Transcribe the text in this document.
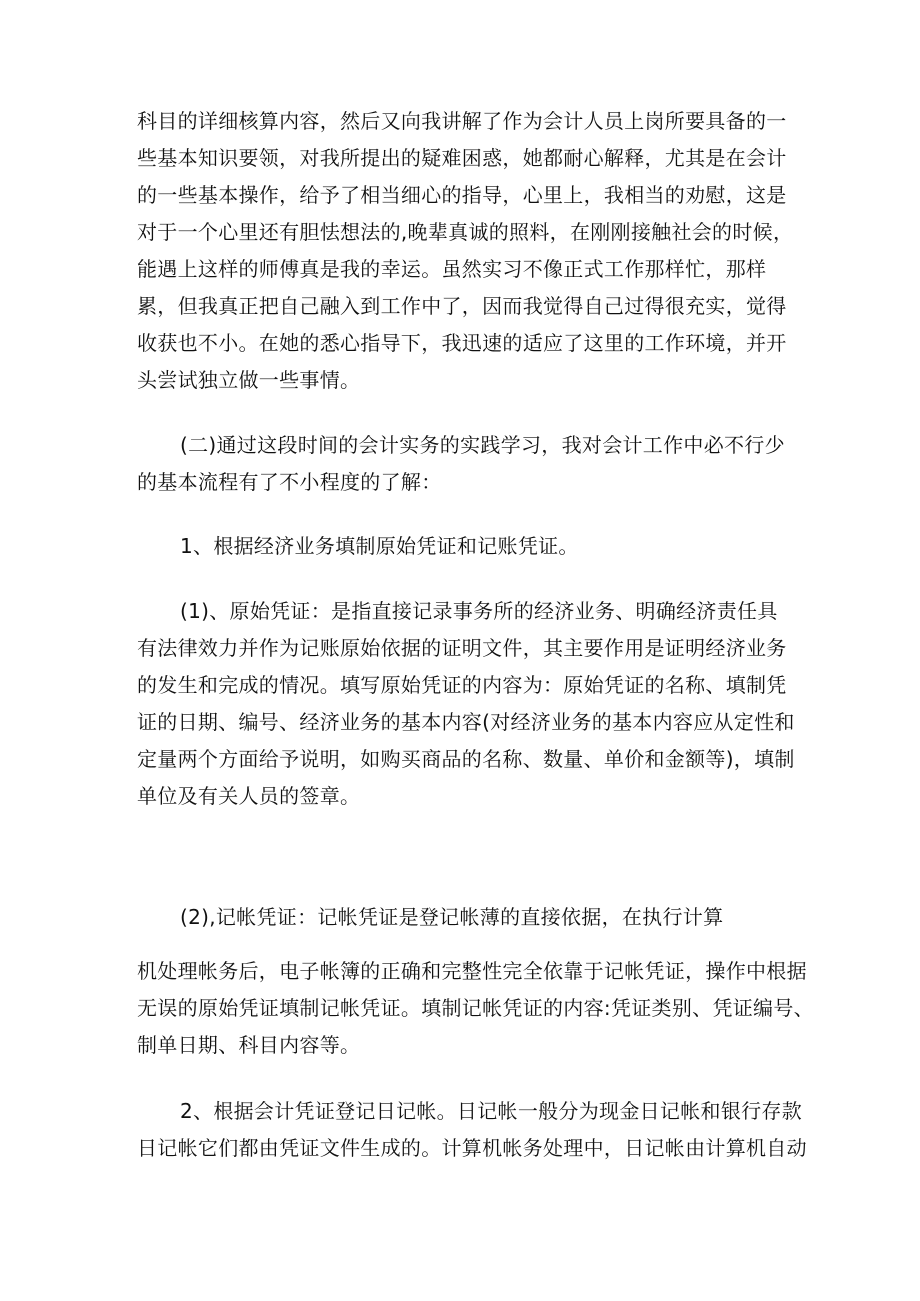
科目的详细核算内容，然后又向我讲解了作为会计人员上岗所要具备的一
些基本知识要领，对我所提出的疑难困惑，她都耐心解释，尤其是在会计
的一些基本操作，给予了相当细心的指导，心里上，我相当的劝慰，这是
对于一个心里还有胆怯想法的,晚辈真诚的照料，在刚刚接触社会的时候，
能遇上这样的师傅真是我的幸运。虽然实习不像正式工作那样忙，那样
累，但我真正把自己融入到工作中了，因而我觉得自己过得很充实，觉得
收获也不小。在她的悉心指导下，我迅速的适应了这里的工作环境，并开
头尝试独立做一些事情。
(二)通过这段时间的会计实务的实践学习，我对会计工作中必不行少
的基本流程有了不小程度的了解：
1、根据经济业务填制原始凭证和记账凭证。
(1)、原始凭证：是指直接记录事务所的经济业务、明确经济责任具
有法律效力并作为记账原始依据的证明文件，其主要作用是证明经济业务
的发生和完成的情况。填写原始凭证的内容为：原始凭证的名称、填制凭
证的日期、编号、经济业务的基本内容(对经济业务的基本内容应从定性和
定量两个方面给予说明，如购买商品的名称、数量、单价和金额等)，填制
单位及有关人员的签章。
(2),记帐凭证：记帐凭证是登记帐薄的直接依据，在执行计算
机处理帐务后，电子帐簿的正确和完整性完全依靠于记帐凭证，操作中根据
无误的原始凭证填制记帐凭证。填制记帐凭证的内容:凭证类别、凭证编号、
制单日期、科目内容等。
2、根据会计凭证登记日记帐。日记帐一般分为现金日记帐和银行存款
日记帐它们都由凭证文件生成的。计算机帐务处理中，日记帐由计算机自动
